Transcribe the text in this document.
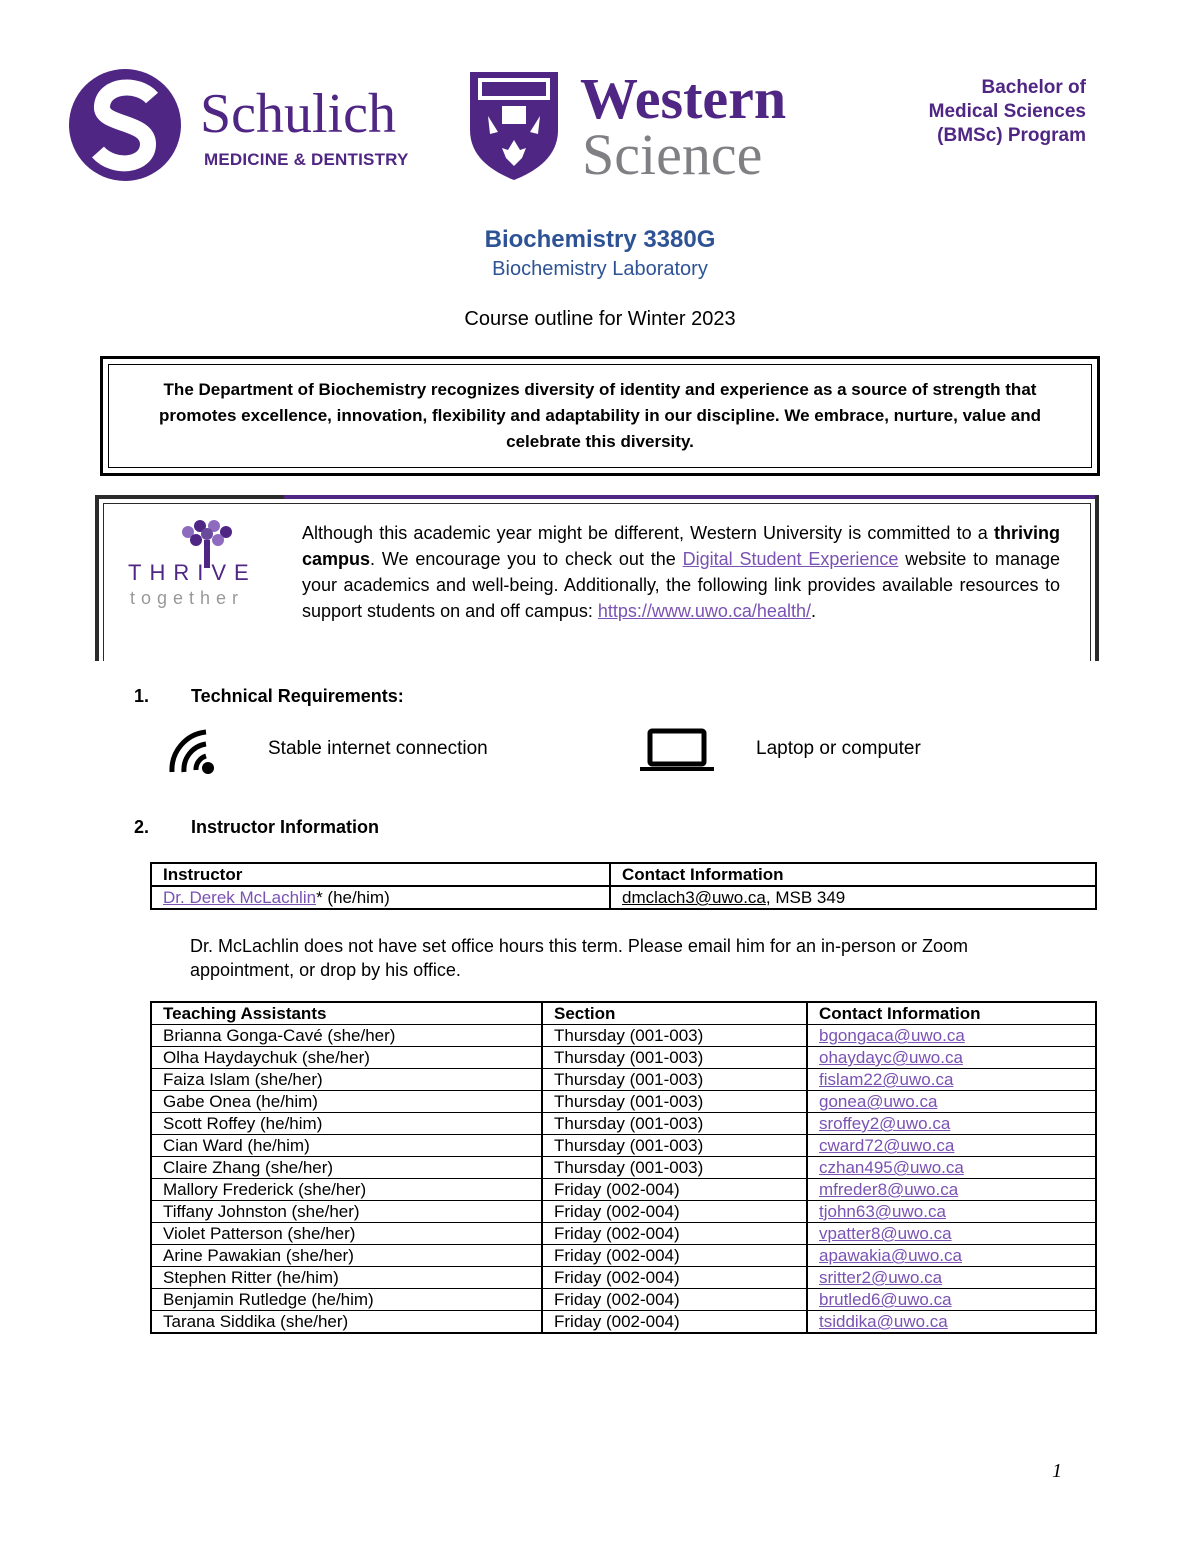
Schulich
MEDICINE & DENTISTRY
Western
Science
Bachelor of
Medical Sciences
(BMSc) Program
Biochemistry 3380G
Biochemistry Laboratory
Course outline for Winter 2023
The Department of Biochemistry recognizes diversity of identity and experience as a source of strength that promotes excellence, innovation, flexibility and adaptability in our discipline. We embrace, nurture, value and celebrate this diversity.
THRIVE
together
Although this academic year might be different, Western University is committed to a thriving campus. We encourage you to check out the Digital Student Experience website to manage your academics and well-being. Additionally, the following link provides available resources to support students on and off campus: https://www.uwo.ca/health/.
1. Technical Requirements:
Stable internet connection	Laptop or computer
2. Instructor Information
Instructor	Contact Information
Dr. Derek McLachlin* (he/him)	dmclach3@uwo.ca, MSB 349
Dr. McLachlin does not have set office hours this term. Please email him for an in-person or Zoom appointment, or drop by his office.
Teaching Assistants	Section	Contact Information
Brianna Gonga-Cavé (she/her)	Thursday (001-003)	bgongaca@uwo.ca
Olha Haydaychuk (she/her)	Thursday (001-003)	ohaydayc@uwo.ca
Faiza Islam (she/her)	Thursday (001-003)	fislam22@uwo.ca
Gabe Onea (he/him)	Thursday (001-003)	gonea@uwo.ca
Scott Roffey (he/him)	Thursday (001-003)	sroffey2@uwo.ca
Cian Ward (he/him)	Thursday (001-003)	cward72@uwo.ca
Claire Zhang (she/her)	Thursday (001-003)	czhan495@uwo.ca
Mallory Frederick (she/her)	Friday (002-004)	mfreder8@uwo.ca
Tiffany Johnston (she/her)	Friday (002-004)	tjohn63@uwo.ca
Violet Patterson (she/her)	Friday (002-004)	vpatter8@uwo.ca
Arine Pawakian (she/her)	Friday (002-004)	apawakia@uwo.ca
Stephen Ritter (he/him)	Friday (002-004)	sritter2@uwo.ca
Benjamin Rutledge (he/him)	Friday (002-004)	brutled6@uwo.ca
Tarana Siddika (she/her)	Friday (002-004)	tsiddika@uwo.ca
1
